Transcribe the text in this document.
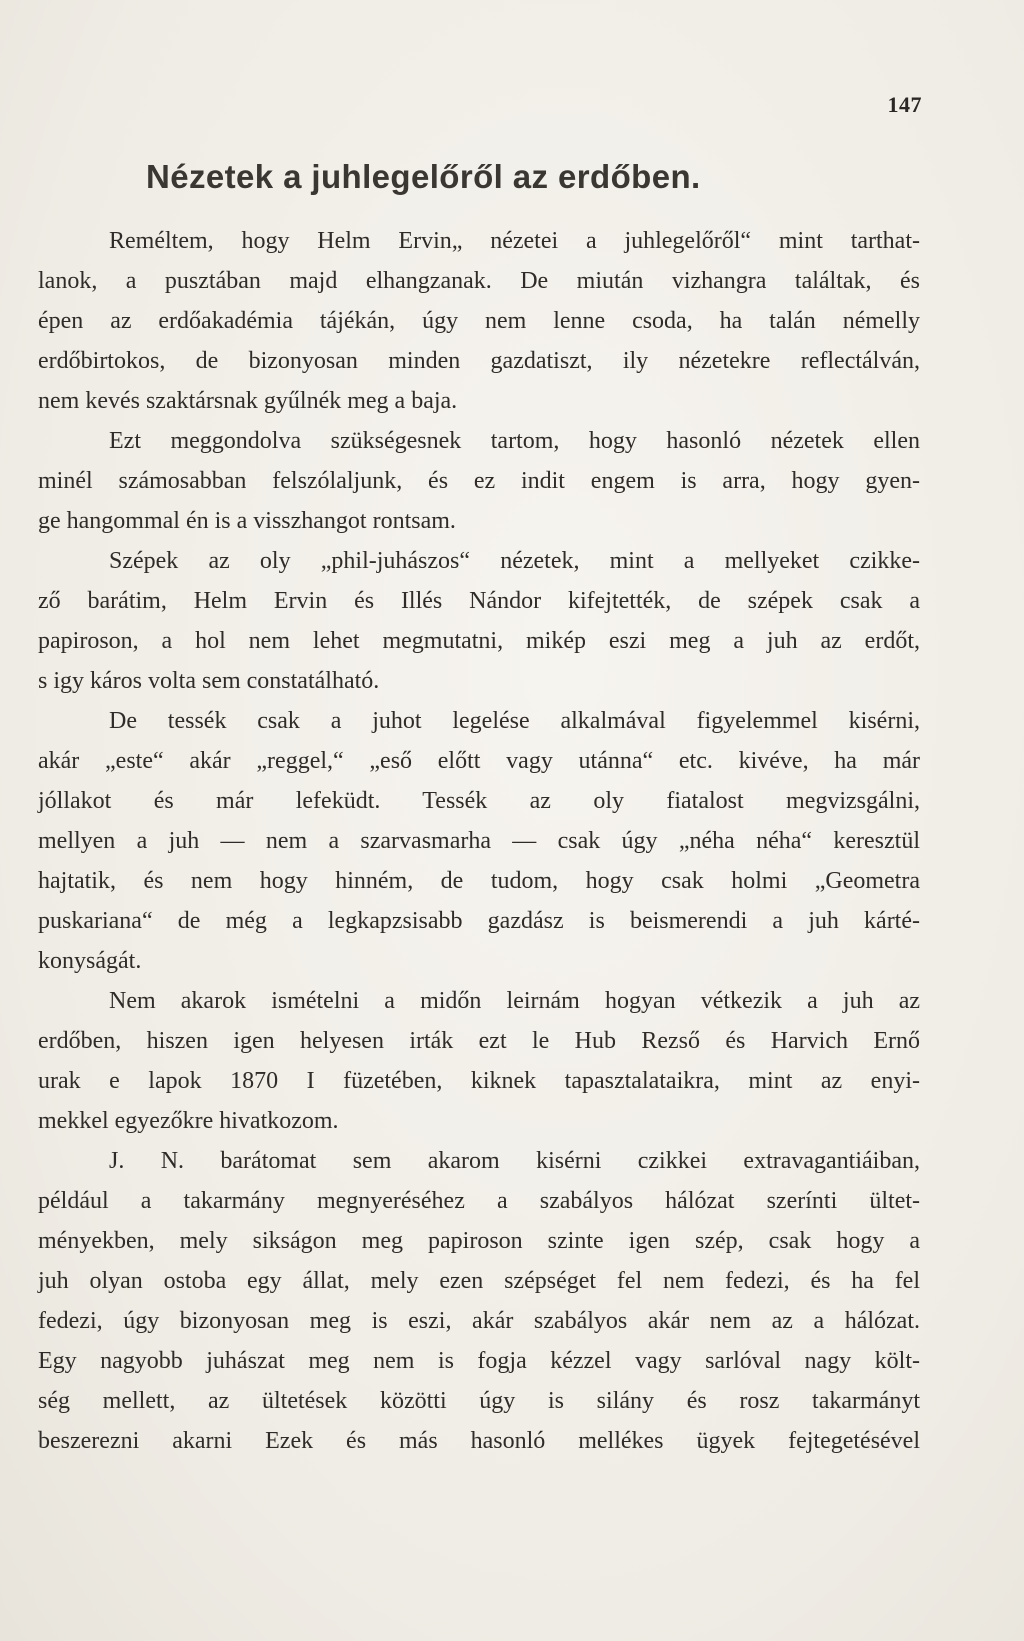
147
Nézetek a juhlegelőről az erdőben.
Reméltem, hogy Helm Ervin„ nézetei a juhlegelőről“ mint tarthat-
lanok, a pusztában majd elhangzanak. De miután vizhangra találtak, és
épen az erdőakadémia tájékán, úgy nem lenne csoda, ha talán némelly
erdőbirtokos, de bizonyosan minden gazdatiszt, ily nézetekre reflectálván,
nem kevés szaktársnak gyűlnék meg a baja.
Ezt meggondolva szükségesnek tartom, hogy hasonló nézetek ellen
minél számosabban felszólaljunk, és ez indit engem is arra, hogy gyen-
ge hangommal én is a visszhangot rontsam.
Szépek az oly „phil-juhászos“ nézetek, mint a mellyeket czikke-
ző barátim, Helm Ervin és Illés Nándor kifejtették, de szépek csak a
papiroson, a hol nem lehet megmutatni, mikép eszi meg a juh az erdőt,
s igy káros volta sem constatálható.
De tessék csak a juhot legelése alkalmával figyelemmel kisérni,
akár „este“ akár „reggel,“ „eső előtt vagy utánna“ etc. kivéve, ha már
jóllakot és már lefeküdt. Tessék az oly fiatalost megvizsgálni,
mellyen a juh — nem a szarvasmarha — csak úgy „néha néha“ keresztül
hajtatik, és nem hogy hinném, de tudom, hogy csak holmi „Geometra
puskariana“ de még a legkapzsisabb gazdász is beismerendi a juh kárté-
konyságát.
Nem akarok ismételni a midőn leirnám hogyan vétkezik a juh az
erdőben, hiszen igen helyesen irták ezt le Hub Rezső és Harvich Ernő
urak e lapok 1870 I füzetében, kiknek tapasztalataikra, mint az enyi-
mekkel egyezőkre hivatkozom.
J. N. barátomat sem akarom kisérni czikkei extravagantiáiban,
például a takarmány megnyeréséhez a szabályos hálózat szerínti ültet-
ményekben, mely sikságon meg papiroson szinte igen szép, csak hogy a
juh olyan ostoba egy állat, mely ezen szépséget fel nem fedezi, és ha fel
fedezi, úgy bizonyosan meg is eszi, akár szabályos akár nem az a hálózat.
Egy nagyobb juhászat meg nem is fogja kézzel vagy sarlóval nagy költ-
ség mellett, az ültetések közötti úgy is silány és rosz takarmányt
beszerezni akarni Ezek és más hasonló mellékes ügyek fejtegetésével
